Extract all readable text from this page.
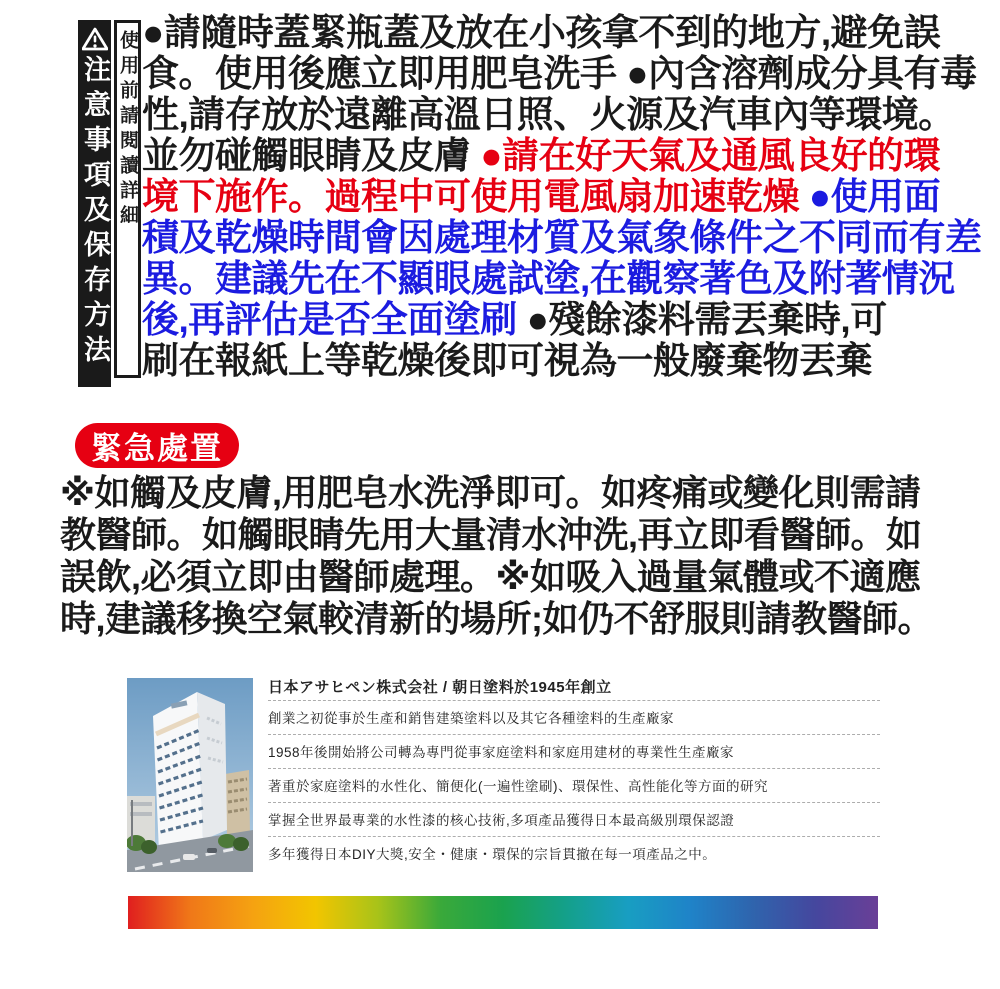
注意事項及保存方法 使用前請閱讀詳細 ●請隨時蓋緊瓶蓋及放在小孩拿不到的地方,避免誤
食。使用後應立即用肥皂洗手 ●內含溶劑成分具有毒
性,請存放於遠離高溫日照、火源及汽車內等環境。
並勿碰觸眼睛及皮膚 ●請在好天氣及通風良好的環
境下施作。過程中可使用電風扇加速乾燥 ●使用面
積及乾燥時間會因處理材質及氣象條件之不同而有差
異。建議先在不顯眼處試塗,在觀察著色及附著情況
後,再評估是否全面塗刷 ●殘餘漆料需丟棄時,可
刷在報紙上等乾燥後即可視為一般廢棄物丟棄
緊急處置
※如觸及皮膚,用肥皂水洗淨即可。如疼痛或變化則需請
教醫師。如觸眼睛先用大量清水沖洗,再立即看醫師。如
誤飲,必須立即由醫師處理。※如吸入過量氣體或不適應
時,建議移換空氣較清新的場所;如仍不舒服則請教醫師。
日本アサヒペン株式会社 / 朝日塗料於1945年創立
創業之初從事於生產和銷售建築塗料以及其它各種塗料的生產廠家
1958年後開始將公司轉為專門從事家庭塗料和家庭用建材的專業性生產廠家
著重於家庭塗料的水性化、簡便化(一遍性塗刷)、環保性、高性能化等方面的研究
掌握全世界最專業的水性漆的核心技術,多項產品獲得日本最高級別環保認證
多年獲得日本DIY大獎,安全・健康・環保的宗旨貫撤在每一項產品之中。
